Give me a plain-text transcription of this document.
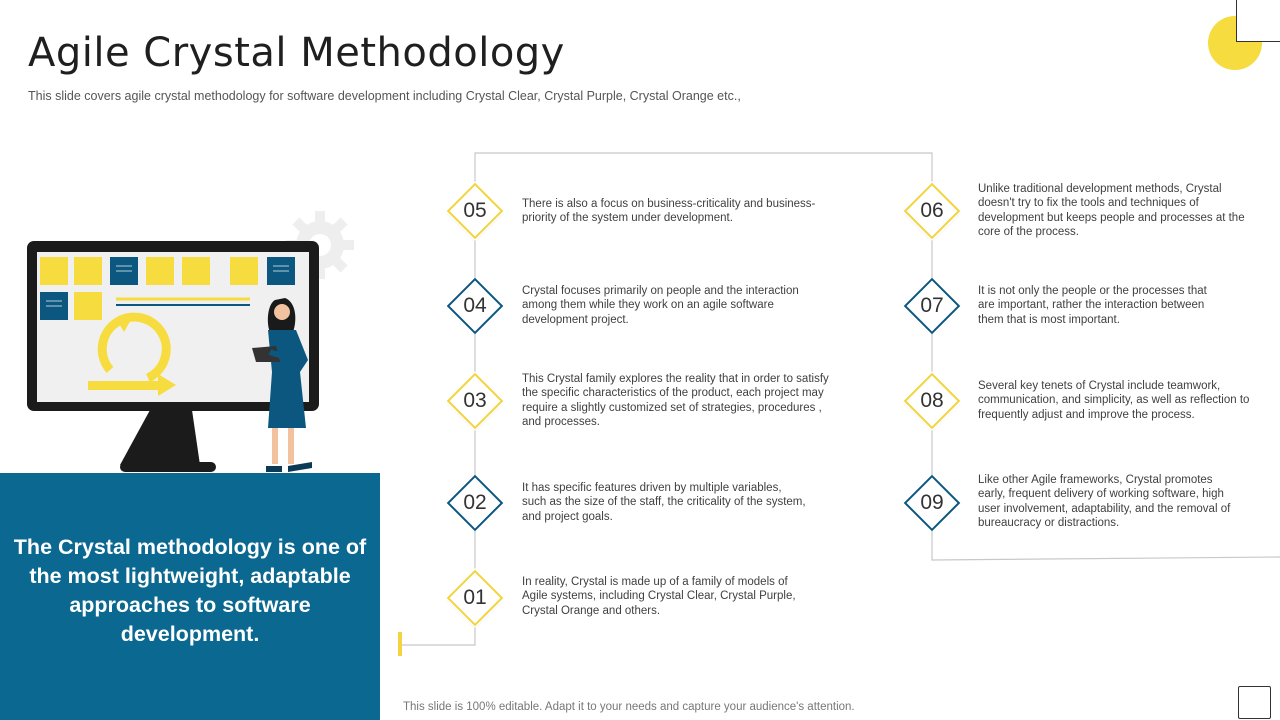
Agile Crystal Methodology
This slide covers agile crystal methodology for software development including Crystal Clear, Crystal Purple, Crystal Orange etc.,

The Crystal methodology is one of the most lightweight, adaptable approaches to software development.

This slide is 100% editable. Adapt it to your needs and capture your audience's attention.
05	There is also a focus on business-criticality and business-priority of the system under development.
04
Crystal focuses primarily on people and the interaction among them while they work on an agile software development project.
03
This Crystal family explores the reality that in order to satisfy the specific characteristics of the product, each project may require a slightly customized set of strategies, procedures , and processes.
02
It has specific features driven by multiple variables, such as the size of the staff, the criticality of the system, and project goals.
01
In reality, Crystal is made up of a family of models of Agile systems, including Crystal Clear, Crystal Purple, Crystal Orange and others.
06
Unlike traditional development methods, Crystal doesn't try to fix the tools and techniques of development but keeps people and processes at the core of the process.
07
It is not only the people or the processes that are important, rather the interaction between them that is most important.
08
Several key tenets of Crystal include teamwork, communication, and simplicity, as well as reflection to frequently adjust and improve the process.
09
Like other Agile frameworks, Crystal promotes early, frequent delivery of working software, high user involvement, adaptability, and the removal of bureaucracy or distractions.
